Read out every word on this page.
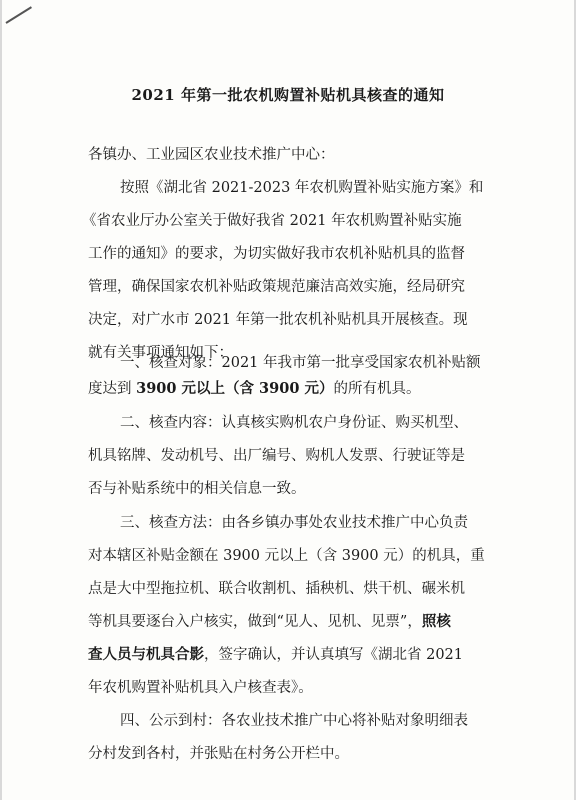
2021 年第一批农机购置补贴机具核查的通知
各镇办、工业园区农业技术推广中心：
按照《湖北省 2021-2023 年农机购置补贴实施方案》和
《省农业厅办公室关于做好我省 2021 年农机购置补贴实施
工作的通知》的要求，为切实做好我市农机补贴机具的监督
管理，确保国家农机补贴政策规范廉洁高效实施，经局研究
决定，对广水市 2021 年第一批农机补贴机具开展核查。现
就有关事项通知如下：
一、核查对象：2021 年我市第一批享受国家农机补贴额
度达到 3900 元以上（含 3900 元）的所有机具。
二、核查内容：认真核实购机农户身份证、购买机型、
机具铭牌、发动机号、出厂编号、购机人发票、行驶证等是
否与补贴系统中的相关信息一致。
三、核查方法：由各乡镇办事处农业技术推广中心负责
对本辖区补贴金额在 3900 元以上（含 3900 元）的机具，重
点是大中型拖拉机、联合收割机、插秧机、烘干机、碾米机
等机具要逐台入户核实，做到“见人、见机、见票”，照核
查人员与机具合影，签字确认，并认真填写《湖北省 2021
年农机购置补贴机具入户核查表》。
四、公示到村：各农业技术推广中心将补贴对象明细表
分村发到各村，并张贴在村务公开栏中。
